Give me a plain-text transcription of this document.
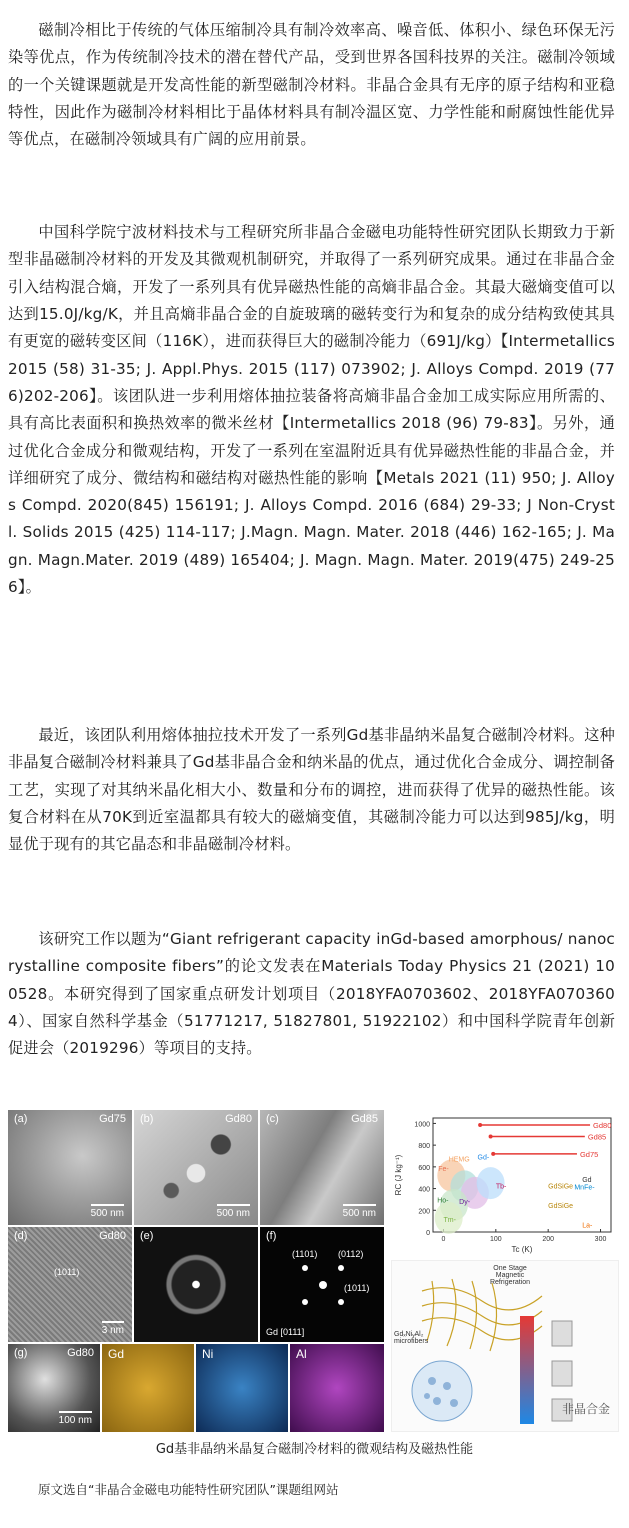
磁制冷相比于传统的气体压缩制冷具有制冷效率高、噪音低、体积小、绿色环保无污染等优点，作为传统制冷技术的潜在替代产品，受到世界各国科技界的关注。磁制冷领域的一个关键课题就是开发高性能的新型磁制冷材料。非晶合金具有无序的原子结构和亚稳特性，因此作为磁制冷材料相比于晶体材料具有制冷温区宽、力学性能和耐腐蚀性能优异等优点，在磁制冷领域具有广阔的应用前景。

中国科学院宁波材料技术与工程研究所非晶合金磁电功能特性研究团队长期致力于新型非晶磁制冷材料的开发及其微观机制研究，并取得了一系列研究成果。通过在非晶合金引入结构混合熵，开发了一系列具有优异磁热性能的高熵非晶合金。其最大磁熵变值可以达到15.0J/kg/K，并且高熵非晶合金的自旋玻璃的磁转变行为和复杂的成分结构致使其具有更宽的磁转变区间（116K），进而获得巨大的磁制冷能力（691J/kg）【Intermetallics 2015 (58) 31-35; J. Appl.Phys. 2015 (117) 073902; J. Alloys Compd. 2019 (776)202-206】。该团队进一步利用熔体抽拉装备将高熵非晶合金加工成实际应用所需的、具有高比表面积和换热效率的微米丝材【Intermetallics 2018 (96) 79-83】。另外，通过优化合金成分和微观结构，开发了一系列在室温附近具有优异磁热性能的非晶合金，并详细研究了成分、微结构和磁结构对磁热性能的影响【Metals 2021 (11) 950; J. Alloys Compd. 2020(845) 156191; J. Alloys Compd. 2016 (684) 29-33; J Non-Crystl. Solids 2015 (425) 114-117; J.Magn. Magn. Mater. 2018 (446) 162-165; J. Magn. Magn.Mater. 2019 (489) 165404; J. Magn. Magn. Mater. 2019(475) 249-256】。

最近，该团队利用熔体抽拉技术开发了一系列Gd基非晶纳米晶复合磁制冷材料。这种非晶复合磁制冷材料兼具了Gd基非晶合金和纳米晶的优点，通过优化合金成分、调控制备工艺，实现了对其纳米晶化相大小、数量和分布的调控，进而获得了优异的磁热性能。该复合材料在从70K到近室温都具有较大的磁熵变值，其磁制冷能力可以达到985J/kg，明显优于现有的其它晶态和非晶磁制冷材料。

该研究工作以题为“Giant refrigerant capacity inGd-based amorphous/ nanocrystalline composite fibers”的论文发表在Materials Today Physics 21 (2021) 100528。本研究得到了国家重点研发计划项目（2018YFA0703602、2018YFA0703604）、国家自然科学基金（51771217, 51827801, 51922102）和中国科学院青年创新促进会（2019296）等项目的支持。

(a)	Gd75
500 nm
(b)	Gd80
500 nm
(c)	Gd85
500 nm
(d)	Gd80
(1011)
3 nm
(e)	(f)
(1101) (0112)
(1011)
Gd [0111]
(g)	Gd80
100 nm
Gd	Ni	Al
0
200
400
600
800
1000
0	100	200	300
Tc (K)
RC (J kg⁻¹)
Gd80
Gd85
Gd75
HEMG
Fe-
Gd-
Ho- Dy-
Tb-
Tm-
Gd
GdSiGe MnFe-
GdSiGe
La-
One Stage Magnetic Refrigeration
GdₓNiᵧAl₂ microfibers
非晶合金
Gd基非晶纳米晶复合磁制冷材料的微观结构及磁热性能
原文选自“非晶合金磁电功能特性研究团队”课题组网站
